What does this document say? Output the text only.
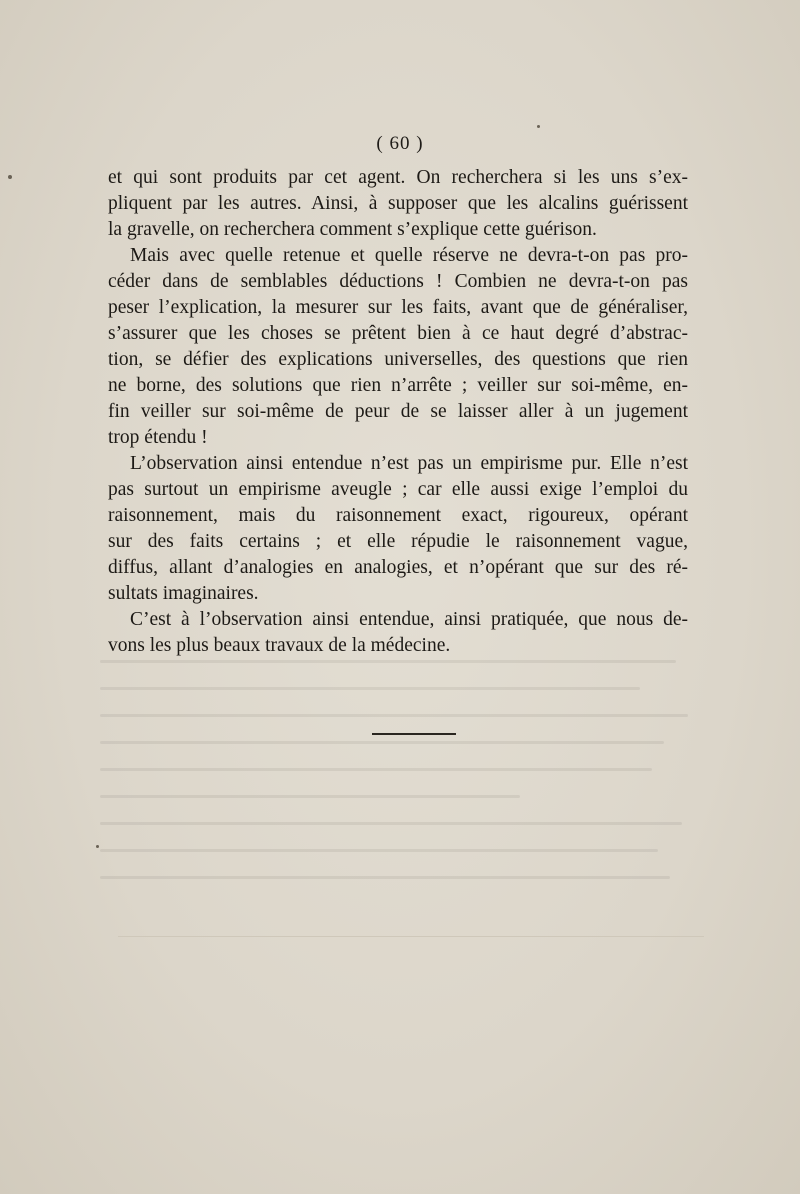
( 60 )

et qui sont produits par cet agent. On recherchera si les uns s’ex-
pliquent par les autres. Ainsi, à supposer que les alcalins guérissent
la gravelle, on recherchera comment s’explique cette guérison.

Mais avec quelle retenue et quelle réserve ne devra-t-on pas pro-
céder dans de semblables déductions ! Combien ne devra-t-on pas
peser l’explication, la mesurer sur les faits, avant que de généraliser,
s’assurer que les choses se prêtent bien à ce haut degré d’abstrac-
tion, se défier des explications universelles, des questions que rien
ne borne, des solutions que rien n’arrête ; veiller sur soi-même, en-
fin veiller sur soi-même de peur de se laisser aller à un jugement
trop étendu !

L’observation ainsi entendue n’est pas un empirisme pur. Elle n’est
pas surtout un empirisme aveugle ; car elle aussi exige l’emploi du
raisonnement, mais du raisonnement exact, rigoureux, opérant
sur des faits certains ; et elle répudie le raisonnement vague,
diffus, allant d’analogies en analogies, et n’opérant que sur des ré-
sultats imaginaires.

C’est à l’observation ainsi entendue, ainsi pratiquée, que nous de-
vons les plus beaux travaux de la médecine.
